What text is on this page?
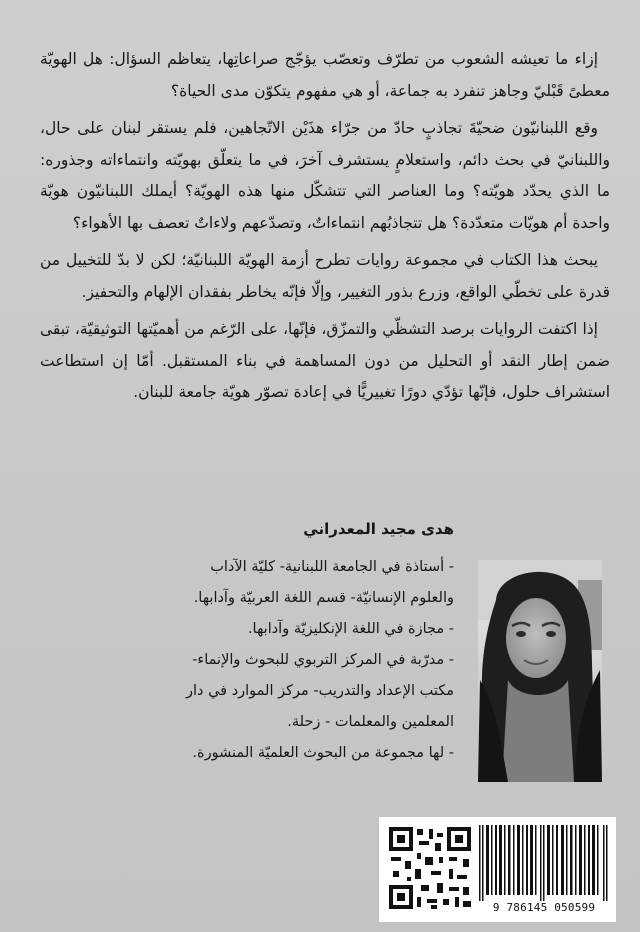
إزاء ما تعيشه الشعوب من تطرّف وتعصّب يؤجّج صراعاتِها، يتعاظم السؤال: هل الهويّة معطىً قَبْليّ وجاهز تنفرد به جماعة، أو هي مفهوم يتكوّن مدى الحياة؟

وقع اللبنانيّون ضحيّةَ تجاذبٍ حادّ من جرّاء هذَيْن الاتّجاهين، فلم يستقر لبنان على حال، واللبنانيّ في بحث دائم، واستعلامٍ يستشرف آخرَ، في ما يتعلّق بهويّته وانتماءاته وجذوره: ما الذي يحدّد هويّته؟ وما العناصر التي تتشكّل منها هذه الهويّة؟ أيملك اللبنانيّون هويّة واحدة أم هويّات متعدّدة؟ هل تتجاذبُهم انتماءاتٌ، وتصدّعهم ولاءاتٌ تعصف بها الأهواء؟

يبحث هذا الكتاب في مجموعة روايات تطرح أزمة الهويّة اللبنانيّة؛ لكن لا بدّ للتخييل من قدرة على تخطّي الواقع، وزرع بذور التغيير، وإلّا فإنّه يخاطر بفقدان الإلهام والتحفيز.

إذا اكتفت الروايات برصد التشظّي والتمزّق، فإنّها، على الرّغم من أهميّتها التوثيقيّة، تبقى ضمن إطار النقد أو التحليل من دون المساهمة في بناء المستقبل. أمّا إن استطاعت استشراف حلول، فإنّها تؤدّي دورًا تغييريًّا في إعادة تصوّر هويّة جامعة للبنان.

هدى مجيد المعدراني
- أستاذة في الجامعة اللبنانية- كليّة الآداب والعلوم الإنسانيّة- قسم اللغة العربيّة وآدابها.
- مجازة في اللغة الإنكليزيّة وآدابها.
- مدرّبة في المركز التربوي للبحوث والإنماء- مكتب الإعداد والتدريب- مركز الموارد في دار المعلمين والمعلمات - زحلة.
- لها مجموعة من البحوث العلميّة المنشورة.
9 786145 050599
